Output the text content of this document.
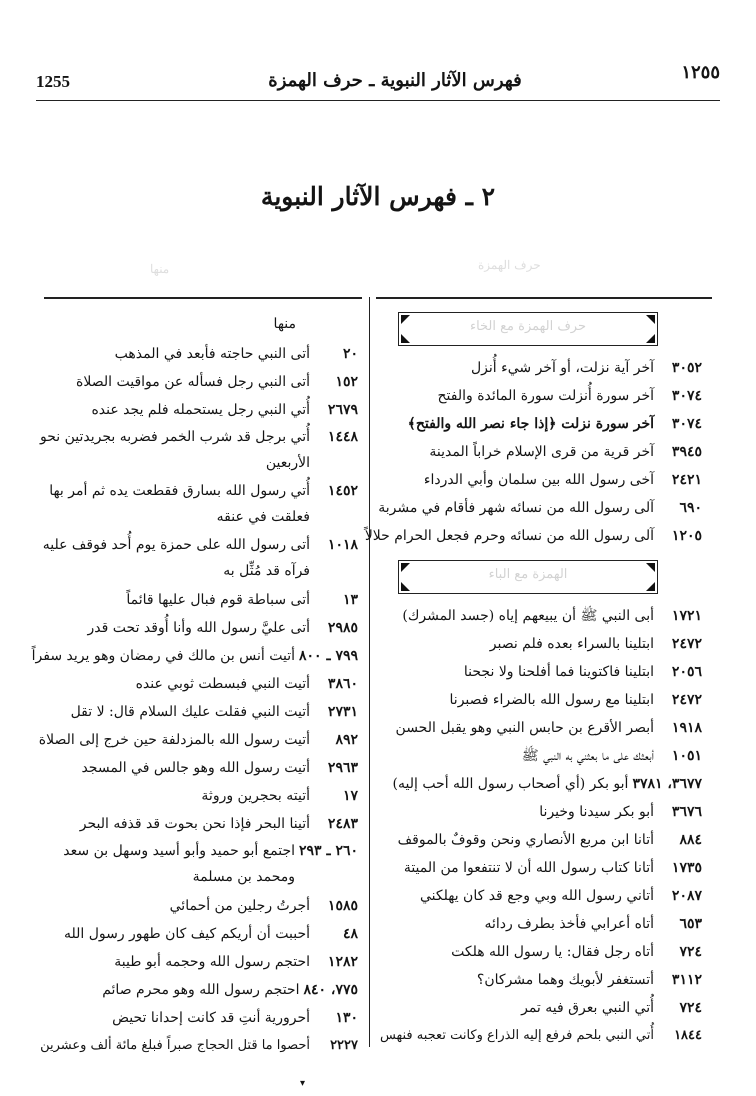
1255	فهرس الآثار النبوية ـ حرف الهمزة	١٢٥٥
٢ ـ فهرس الآثار النبوية
حرف الهمزة
منها
حرف الهمزة مع الخاء
٣٠٥٢آخر آية نزلت، أو آخر شيء أُنزل
٣٠٧٤آخر سورة أُنزلت سورة المائدة والفتح
٣٠٧٤آخر سورة نزلت ﴿إذا جاء نصر الله والفتح﴾
٣٩٤٥آخر قرية من قرى الإسلام خراباً المدينة
٢٤٢١آخى رسول الله بين سلمان وأبي الدرداء
٦٩٠آلى رسول الله من نسائه شهر فأقام في مشربة
١٢٠٥آلى رسول الله من نسائه وحرم فجعل الحرام حلالاً
الهمزة مع الباء
١٧٢١أبى النبي ﷺ أن يبيعهم إياه (جسد المشرك)
٢٤٧٢ابتلينا بالسراء بعده فلم نصبر
٢٠٥٦ابتلينا فاكتوينا فما أفلحنا ولا نجحنا
٢٤٧٢ابتلينا مع رسول الله بالضراء فصبرنا
١٩١٨أبصر الأقرع بن حابس النبي وهو يقبل الحسن
١٠٥١أبعثك على ما بعثني به النبي ﷺ
٣٦٧٧، ٣٧٨١أبو بكر (أي أصحاب رسول الله أحب إليه)
٣٦٧٦أبو بكر سيدنا وخيرنا
٨٨٤أتانا ابن مربع الأنصاري ونحن وقوفٌ بالموقف
١٧٣٥أتانا كتاب رسول الله أن لا تنتفعوا من الميتة
٢٠٨٧أتاني رسول الله وبي وجع قد كان يهلكني
٦٥٣أتاه أعرابي فأخذ بطرف ردائه
٧٢٤أتاه رجل فقال: يا رسول الله هلكت
٣١١٢أتستغفر لأبويك وهما مشركان؟
٧٢٤أُتي النبي بعرق فيه تمر
١٨٤٤أُتي النبي بلحم فرفع إليه الذراع وكانت تعجبه فنهس
منها
٢٠أتى النبي حاجته فأبعد في المذهب
١٥٢أتى النبي رجل فسأله عن مواقيت الصلاة
٢٦٧٩أُتي النبي رجل يستحمله فلم يجد عنده
١٤٤٨أُتي برجل قد شرب الخمر فضربه بجريدتين نحو الأربعين
١٤٥٢أُتي رسول الله بسارق فقطعت يده ثم أمر بها فعلقت في عنقه
١٠١٨أتى رسول الله على حمزة يوم أُحد فوقف عليه فرآه قد مُثِّل به
١٣أتى سباطة قوم فبال عليها قائماً
٢٩٨٥أتى عليَّ رسول الله وأنا أُوقد تحت قدر
٧٩٩ ـ ٨٠٠أتيت أنس بن مالك في رمضان وهو يريد سفراً
٣٨٦٠أتيت النبي فبسطت ثوبي عنده
٢٧٣١أتيت النبي فقلت عليك السلام قال: لا تقل
٨٩٢أتيت رسول الله بالمزدلفة حين خرج إلى الصلاة
٢٩٦٣أتيت رسول الله وهو جالس في المسجد
١٧أتيته بحجرين وروثة
٢٤٨٣أتينا البحر فإذا نحن بحوت قد قذفه البحر
٢٦٠ ـ ٢٩٣اجتمع أبو حميد وأبو أسيد وسهل بن سعد ومحمد بن مسلمة
١٥٨٥أجرتُ رجلين من أحمائي
٤٨أحببت أن أريكم كيف كان طهور رسول الله
١٢٨٢احتجم رسول الله وحجمه أبو طيبة
٧٧٥، ٨٤٠احتجم رسول الله وهو محرم صائم
١٣٠أحرورية أنتِ قد كانت إحدانا تحيض
٢٢٢٧أحصوا ما قتل الحجاج صبراً فبلغ مائة ألف وعشرين
▾
